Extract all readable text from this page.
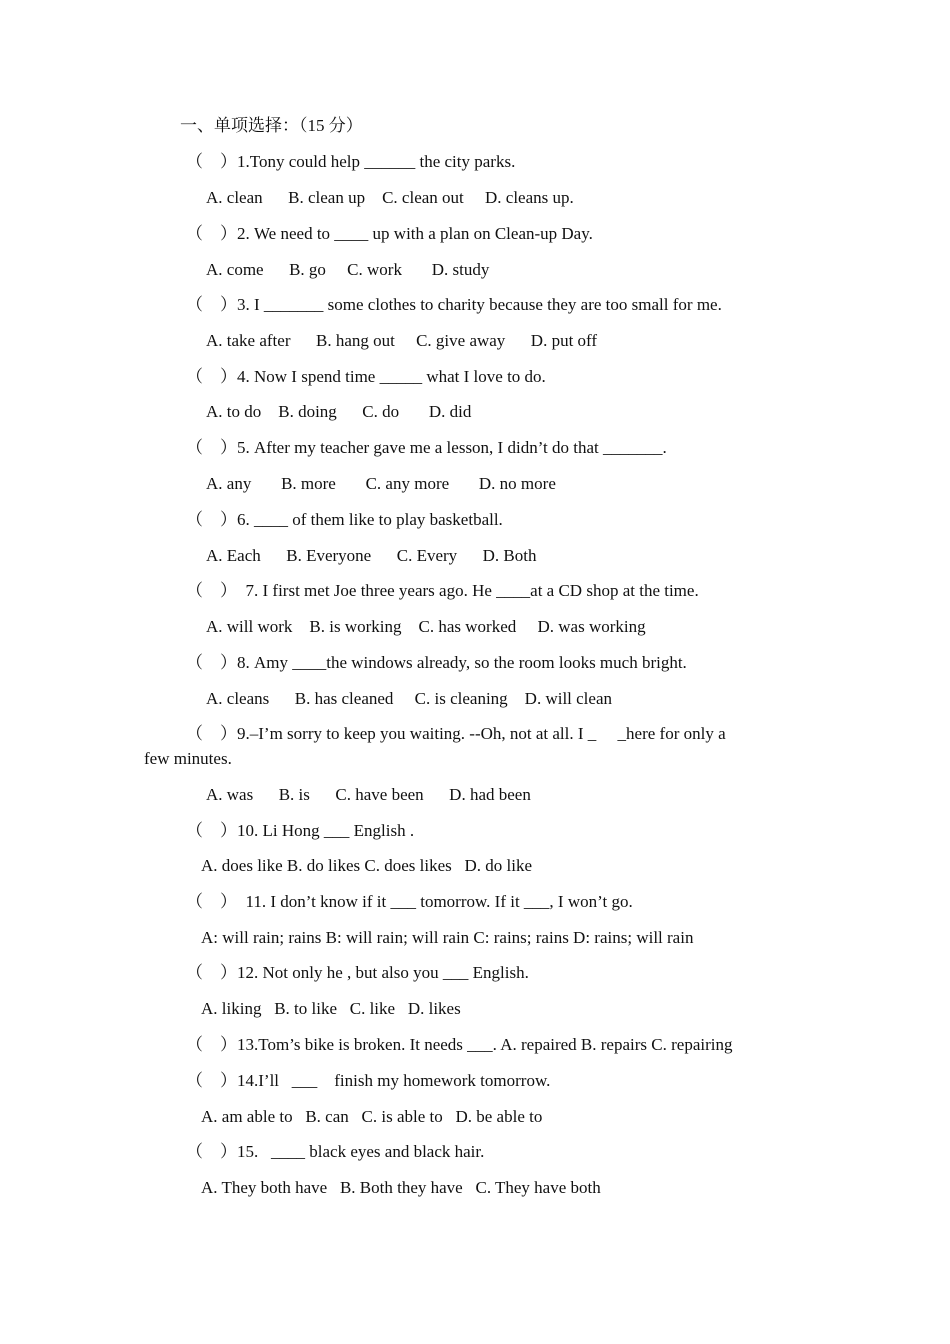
一、单项选择：（15 分）
（    ）1.Tony could help ______ the city parks.
A. clean      B. clean up    C. clean out     D. cleans up.
（    ）2. We need to ____ up with a plan on Clean-up Day.
A. come      B. go     C. work       D. study
（    ）3. I _______ some clothes to charity because they are too small for me.
A. take after      B. hang out     C. give away      D. put off
（    ）4. Now I spend time _____ what I love to do.
A. to do    B. doing      C. do       D. did
（    ）5. After my teacher gave me a lesson, I didn’t do that _______.
A. any       B. more       C. any more       D. no more
（    ）6. ____ of them like to play basketball.
A. Each      B. Everyone      C. Every      D. Both
（    ）  7. I first met Joe three years ago. He ____at a CD shop at the time.
A. will work    B. is working    C. has worked     D. was working
（    ）8. Amy ____the windows already, so the room looks much bright.
A. cleans      B. has cleaned     C. is cleaning    D. will clean
（    ）9.–I’m sorry to keep you waiting. --Oh, not at all. I _     _here for only a
few minutes.
A. was      B. is      C. have been      D. had been
（    ）10. Li Hong ___ English .
A. does like B. do likes C. does likes   D. do like
（    ）  11. I don’t know if it ___ tomorrow. If it ___, I won’t go.
A: will rain; rains B: will rain; will rain C: rains; rains D: rains; will rain
（    ）12. Not only he , but also you ___ English.
A. liking   B. to like   C. like   D. likes
（    ）13.Tom’s bike is broken. It needs ___. A. repaired B. repairs C. repairing
（    ）14.I’ll   ___    finish my homework tomorrow.
A. am able to   B. can   C. is able to   D. be able to
（    ）15.   ____ black eyes and black hair.
A. They both have   B. Both they have   C. They have both
